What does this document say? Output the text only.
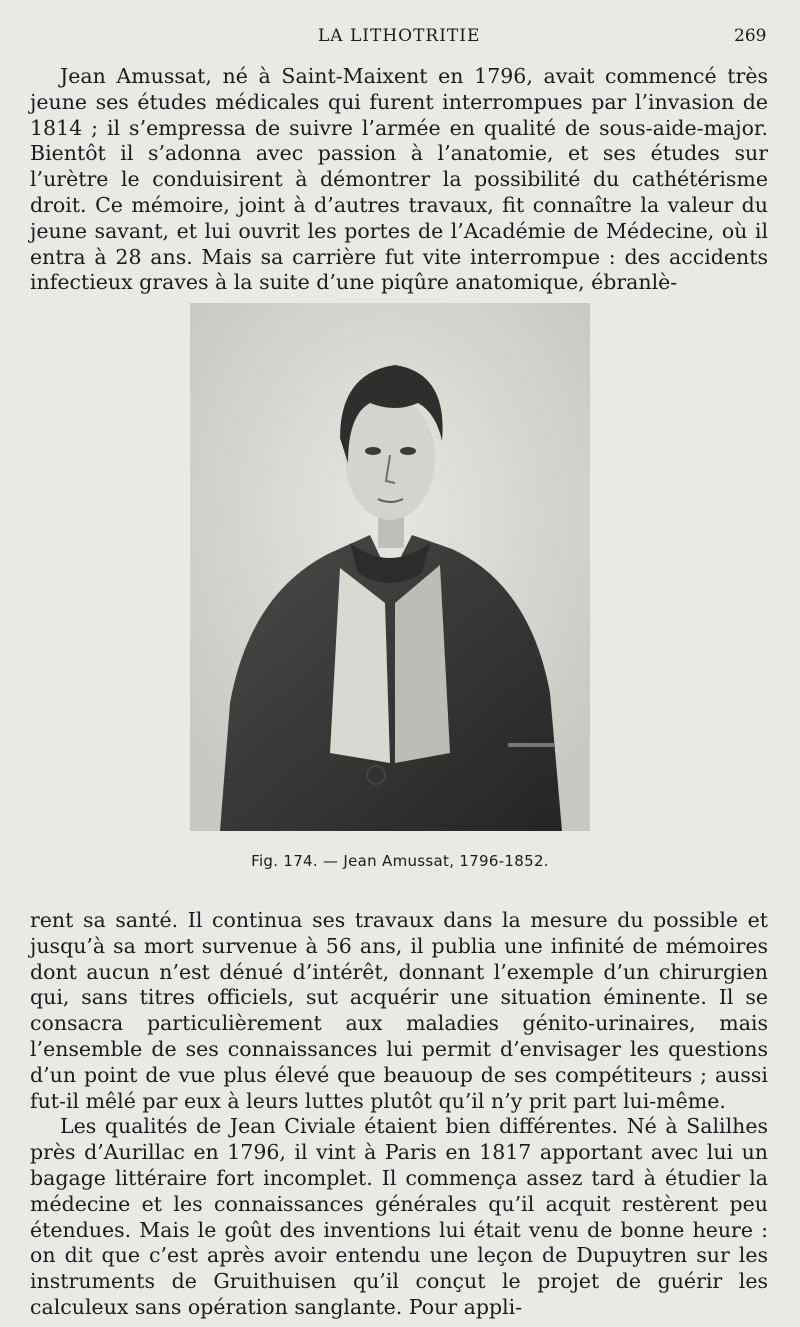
LA LITHOTRITIE	269

Jean Amussat, né à Saint-Maixent en 1796, avait commencé très jeune ses études médicales qui furent interrompues par l’invasion de 1814 ; il s’empressa de suivre l’armée en qualité de sous-aide-major. Bientôt il s’adonna avec passion à l’anatomie, et ses études sur l’urètre le conduisirent à démontrer la possibilité du cathétérisme droit. Ce mémoire, joint à d’autres travaux, fit connaître la valeur du jeune savant, et lui ouvrit les portes de l’Académie de Médecine, où il entra à 28 ans. Mais sa carrière fut vite interrompue : des accidents infectieux graves à la suite d’une piqûre anatomique, ébranlè-

Fig. 174. — Jean Amussat, 1796-1852.

rent sa santé. Il continua ses travaux dans la mesure du possible et jusqu’à sa mort survenue à 56 ans, il publia une infinité de mémoires dont aucun n’est dénué d’intérêt, donnant l’exemple d’un chirurgien qui, sans titres officiels, sut acquérir une situation éminente. Il se consacra particulièrement aux maladies génito-urinaires, mais l’ensemble de ses connaissances lui permit d’envisager les questions d’un point de vue plus élevé que beauoup de ses compétiteurs ; aussi fut-il mêlé par eux à leurs luttes plutôt qu’il n’y prit part lui-même.

Les qualités de Jean Civiale étaient bien différentes. Né à Salilhes près d’Aurillac en 1796, il vint à Paris en 1817 apportant avec lui un bagage littéraire fort incomplet. Il commença assez tard à étudier la médecine et les connaissances générales qu’il acquit restèrent peu étendues. Mais le goût des inventions lui était venu de bonne heure : on dit que c’est après avoir entendu une leçon de Dupuytren sur les instruments de Gruithuisen qu’il conçut le projet de guérir les calculeux sans opération sanglante. Pour appli-
